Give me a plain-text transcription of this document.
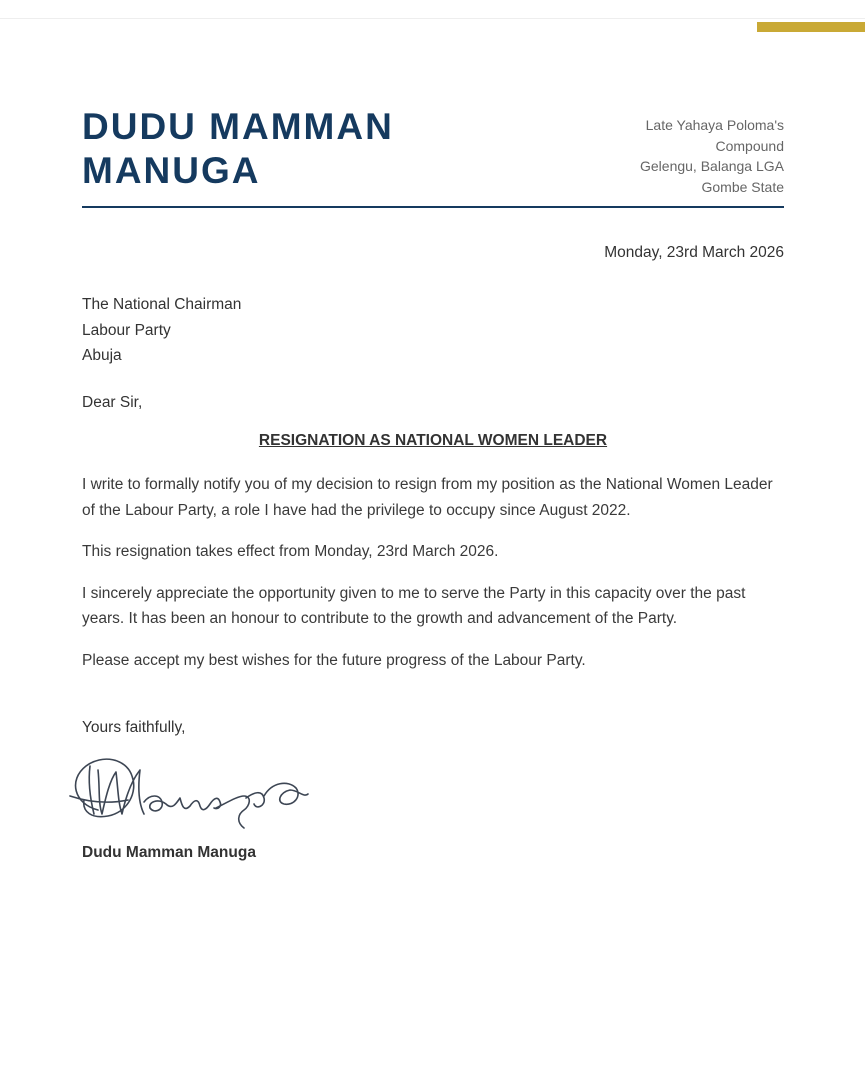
DUDU MAMMAN
MANUGA
Late Yahaya Poloma's
Compound
Gelengu, Balanga LGA
Gombe State
Monday, 23rd March 2026
The National Chairman
Labour Party
Abuja
Dear Sir,
RESIGNATION AS NATIONAL WOMEN LEADER

I write to formally notify you of my decision to resign from my position as the National Women Leader of the Labour Party, a role I have had the privilege to occupy since August 2022.

This resignation takes effect from Monday, 23rd March 2026.

I sincerely appreciate the opportunity given to me to serve the Party in this capacity over the past years. It has been an honour to contribute to the growth and advancement of the Party.

Please accept my best wishes for the future progress of the Labour Party.

Yours faithfully,
Dudu Mamman Manuga
